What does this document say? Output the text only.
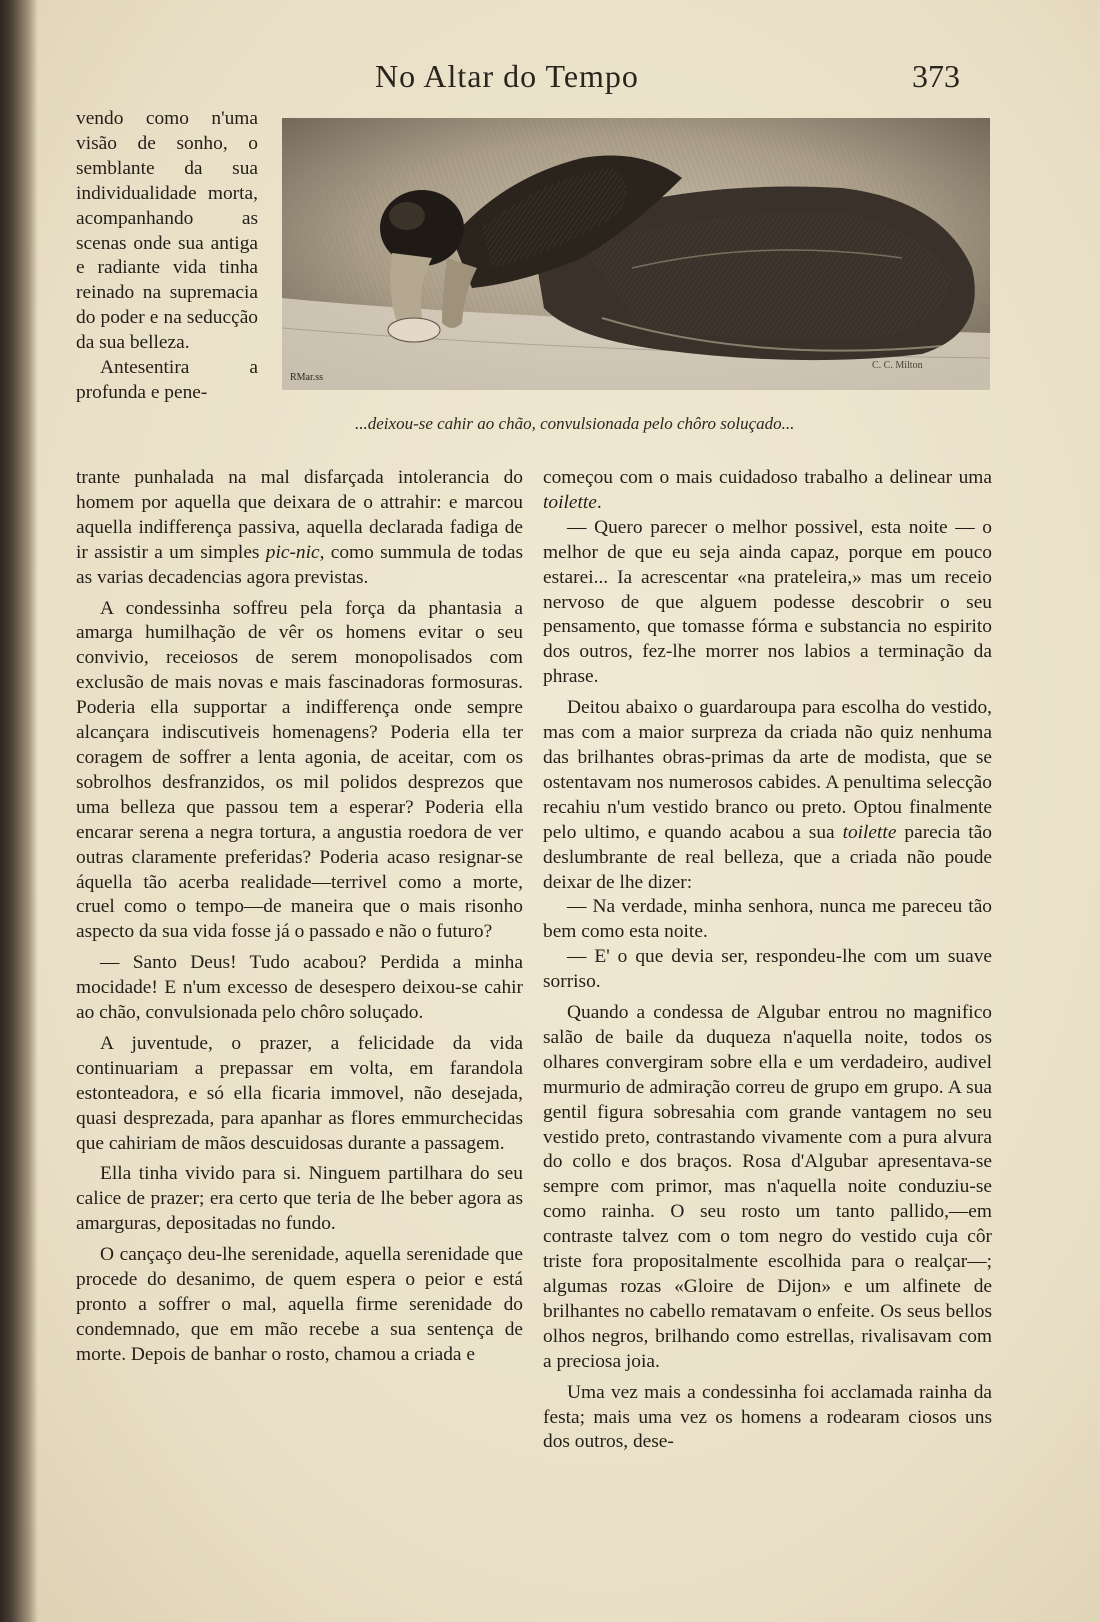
No Altar do Tempo	373
RMar.ss
C. C. Milton
...deixou-se cahir ao chão, convulsionada pelo chôro soluçado...

vendo como n'uma visão de sonho, o semblante da sua individualidade morta, acompanhando as scenas onde sua antiga e radiante vida tinha reinado na supremacia do poder e na seducção da sua belleza.

Antesentira a profunda e pene-

trante punhalada na mal disfarçada intolerancia do homem por aquella que deixara de o attrahir: e marcou aquella indifferença passiva, aquella declarada fadiga de ir assistir a um simples pic-nic, como summula de todas as varias decadencias agora previstas.

A condessinha soffreu pela força da phantasia a amarga humilhação de vêr os homens evitar o seu convivio, receiosos de serem monopolisados com exclusão de mais novas e mais fascinadoras formosuras. Poderia ella supportar a indifferença onde sempre alcançara indiscutiveis homenagens? Poderia ella ter coragem de soffrer a lenta agonia, de aceitar, com os sobrolhos desfranzidos, os mil polidos desprezos que uma belleza que passou tem a esperar? Poderia ella encarar serena a negra tortura, a angustia roedora de ver outras claramente preferidas? Poderia acaso resignar-se áquella tão acerba realidade—terrivel como a morte, cruel como o tempo—de maneira que o mais risonho aspecto da sua vida fosse já o passado e não o futuro?

— Santo Deus! Tudo acabou? Perdida a minha mocidade! E n'um excesso de desespero deixou-se cahir ao chão, convulsionada pelo chôro soluçado.

A juventude, o prazer, a felicidade da vida continuariam a prepassar em volta, em farandola estonteadora, e só ella ficaria immovel, não desejada, quasi desprezada, para apanhar as flores emmurchecidas que cahiriam de mãos descuidosas durante a passagem.

Ella tinha vivido para si. Ninguem partilhara do seu calice de prazer; era certo que teria de lhe beber agora as amarguras, depositadas no fundo.

O cançaço deu-lhe serenidade, aquella serenidade que procede do desanimo, de quem espera o peior e está pronto a soffrer o mal, aquella firme serenidade do condemnado, que em mão recebe a sua sentença de morte. Depois de banhar o rosto, chamou a criada e

começou com o mais cuidadoso trabalho a delinear uma toilette.

— Quero parecer o melhor possivel, esta noite — o melhor de que eu seja ainda capaz, porque em pouco estarei... Ia acrescentar «na prateleira,» mas um receio nervoso de que alguem podesse descobrir o seu pensamento, que tomasse fórma e substancia no espirito dos outros, fez-lhe morrer nos labios a terminação da phrase.

Deitou abaixo o guardaroupa para escolha do vestido, mas com a maior surpreza da criada não quiz nenhuma das brilhantes obras-primas da arte de modista, que se ostentavam nos numerosos cabides. A penultima selecção recahiu n'um vestido branco ou preto. Optou finalmente pelo ultimo, e quando acabou a sua toilette parecia tão deslumbrante de real belleza, que a criada não poude deixar de lhe dizer:

— Na verdade, minha senhora, nunca me pareceu tão bem como esta noite.

— E' o que devia ser, respondeu-lhe com um suave sorriso.

Quando a condessa de Algubar entrou no magnifico salão de baile da duqueza n'aquella noite, todos os olhares convergiram sobre ella e um verdadeiro, audivel murmurio de admiração correu de grupo em grupo. A sua gentil figura sobresahia com grande vantagem no seu vestido preto, contrastando vivamente com a pura alvura do collo e dos braços. Rosa d'Algubar apresentava-se sempre com primor, mas n'aquella noite conduziu-se como rainha. O seu rosto um tanto pallido,—em contraste talvez com o tom negro do vestido cuja côr triste fora propositalmente escolhida para o realçar—; algumas rozas «Gloire de Dijon» e um alfinete de brilhantes no cabello rematavam o enfeite. Os seus bellos olhos negros, brilhando como estrellas, rivalisavam com a preciosa joia.

Uma vez mais a condessinha foi acclamada rainha da festa; mais uma vez os homens a rodearam ciosos uns dos outros, dese-
